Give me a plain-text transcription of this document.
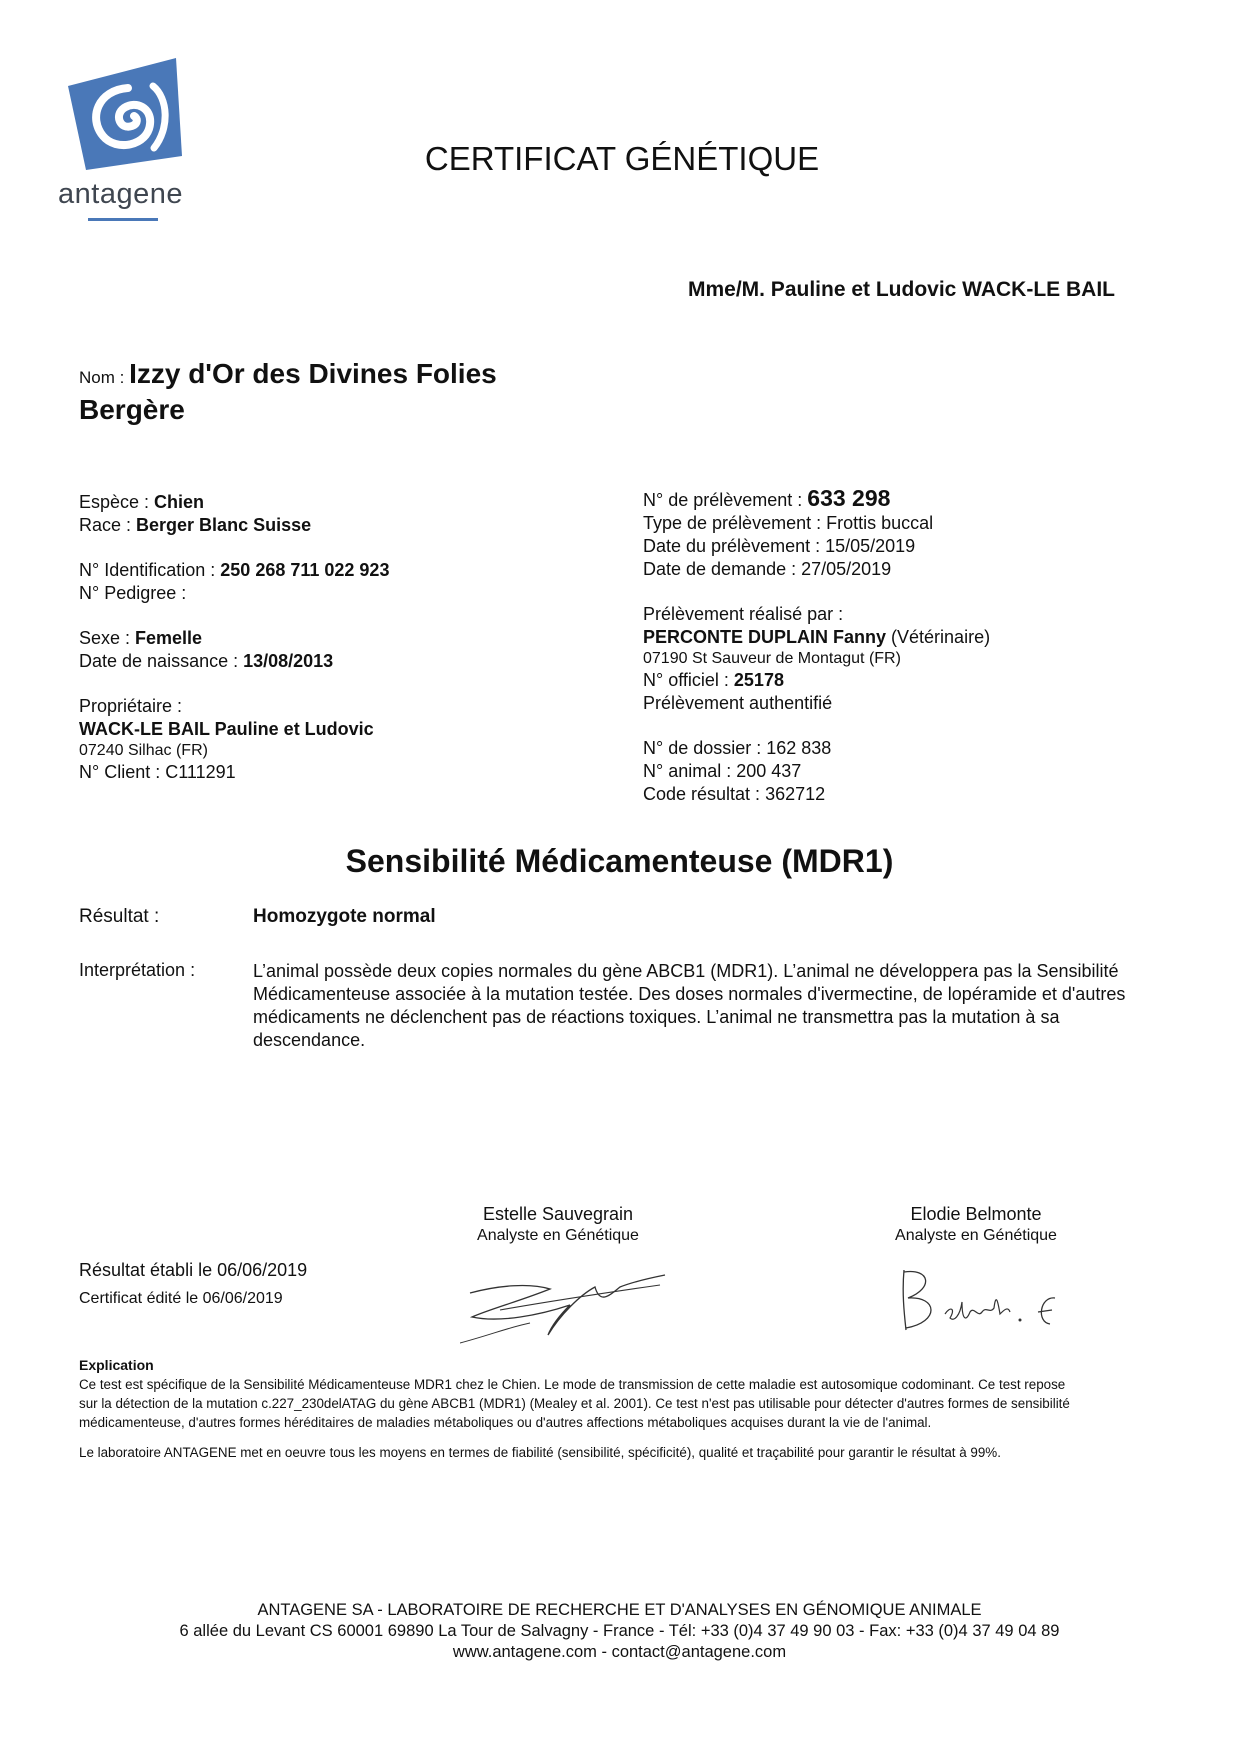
antagene
CERTIFICAT GÉNÉTIQUE
Mme/M. Pauline et Ludovic WACK-LE BAIL
Nom : Izzy d'Or des Divines Folies
Bergère
Espèce : Chien
Race : Berger Blanc Suisse
N° Identification : 250 268 711 022 923
N° Pedigree :
Sexe : Femelle
Date de naissance : 13/08/2013
Propriétaire :
WACK-LE BAIL Pauline et Ludovic
07240 Silhac (FR)
N° Client : C111291
N° de prélèvement : 633 298
Type de prélèvement : Frottis buccal
Date du prélèvement : 15/05/2019
Date de demande : 27/05/2019
Prélèvement réalisé par :
PERCONTE DUPLAIN Fanny (Vétérinaire)
07190 St Sauveur de Montagut (FR)
N° officiel : 25178
Prélèvement authentifié
N° de dossier : 162 838
N° animal : 200 437
Code résultat : 362712
Sensibilité Médicamenteuse (MDR1)
Résultat :	Homozygote normal
Interprétation :	L’animal possède deux copies normales du gène ABCB1 (MDR1). L’animal ne développera pas la Sensibilité
Médicamenteuse associée à la mutation testée. Des doses normales d'ivermectine, de lopéramide et d'autres
médicaments ne déclenchent pas de réactions toxiques. L’animal ne transmettra pas la mutation à sa
descendance.
Estelle Sauvegrain
Analyste en Génétique
Elodie Belmonte
Analyste en Génétique
Résultat établi le 06/06/2019
Certificat édité le 06/06/2019
Explication
Ce test est spécifique de la Sensibilité Médicamenteuse MDR1 chez le Chien. Le mode de transmission de cette maladie est autosomique codominant. Ce test repose
sur la détection de la mutation c.227_230delATAG du gène ABCB1 (MDR1) (Mealey et al. 2001). Ce test n'est pas utilisable pour détecter d'autres formes de sensibilité
médicamenteuse, d'autres formes héréditaires de maladies métaboliques ou d'autres affections métaboliques acquises durant la vie de l'animal.
Le laboratoire ANTAGENE met en oeuvre tous les moyens en termes de fiabilité (sensibilité, spécificité), qualité et traçabilité pour garantir le résultat à 99%.
ANTAGENE SA - LABORATOIRE DE RECHERCHE ET D'ANALYSES EN GÉNOMIQUE ANIMALE
6 allée du Levant CS 60001 69890 La Tour de Salvagny - France - Tél: +33 (0)4 37 49 90 03 - Fax: +33 (0)4 37 49 04 89
www.antagene.com - contact@antagene.com
